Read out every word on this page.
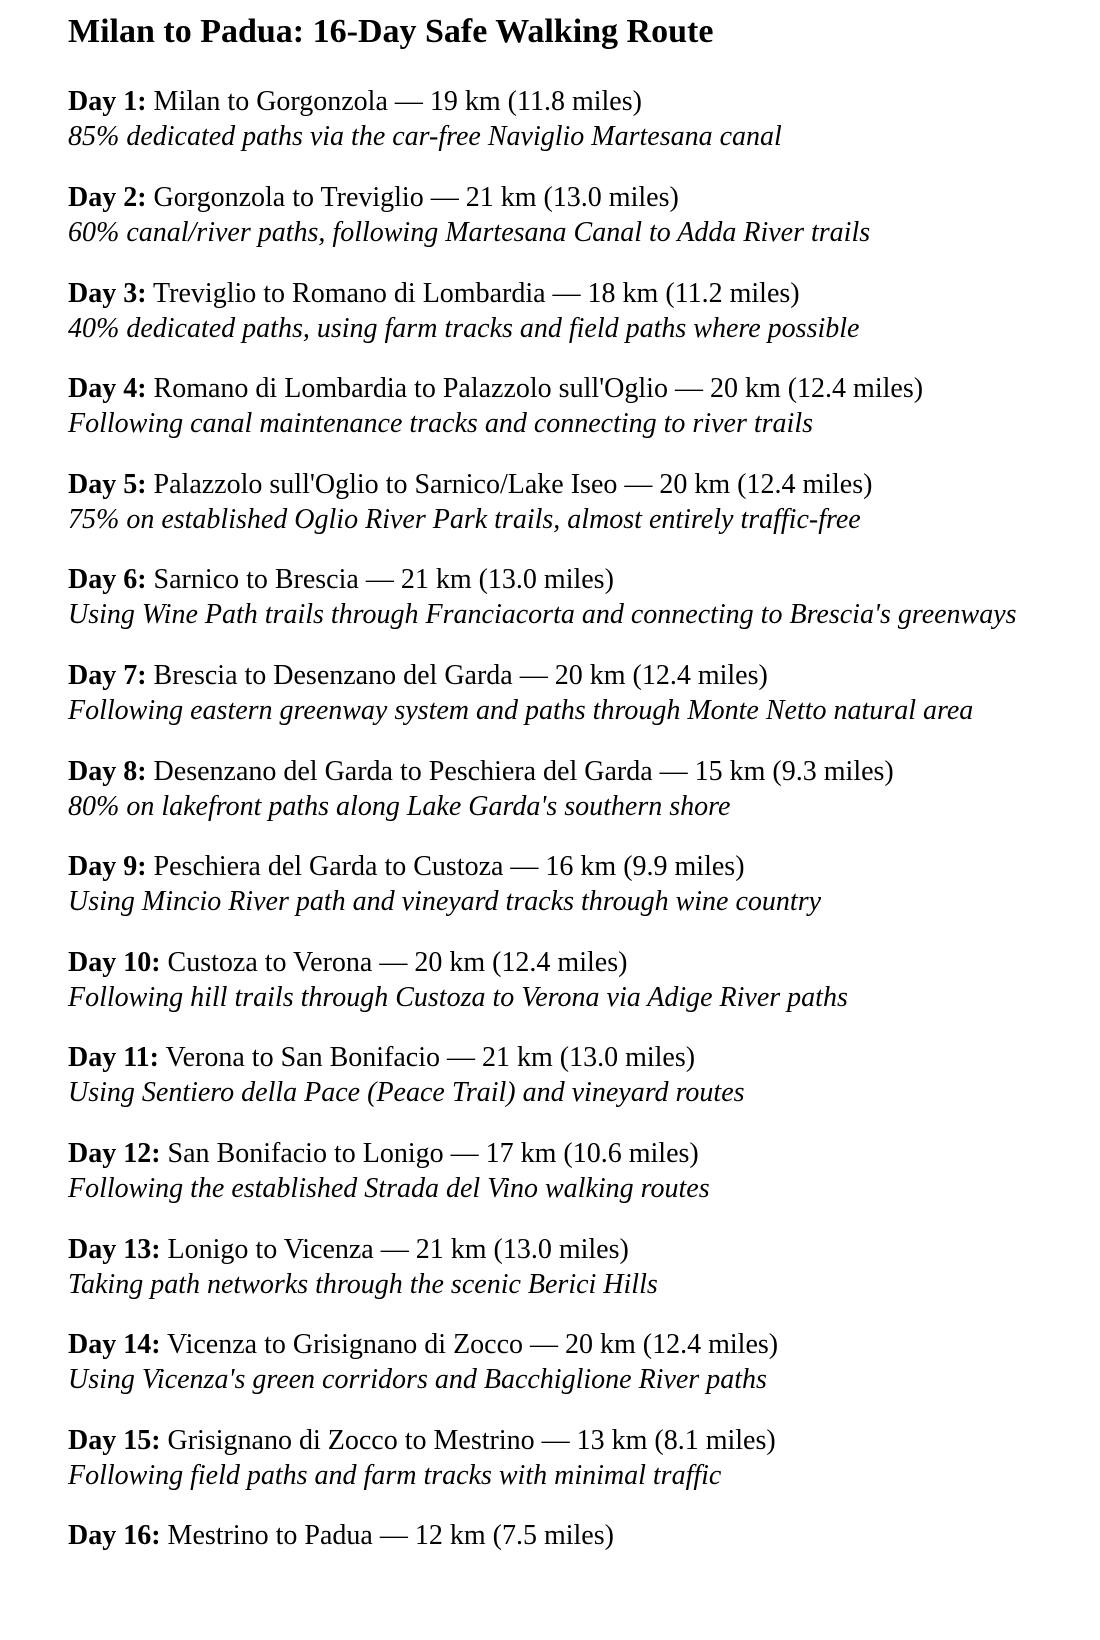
Milan to Padua: 16-Day Safe Walking Route
Day 1: Milan to Gorgonzola — 19 km (11.8 miles)
85% dedicated paths via the car-free Naviglio Martesana canal
Day 2: Gorgonzola to Treviglio — 21 km (13.0 miles)
60% canal/river paths, following Martesana Canal to Adda River trails
Day 3: Treviglio to Romano di Lombardia — 18 km (11.2 miles)
40% dedicated paths, using farm tracks and field paths where possible
Day 4: Romano di Lombardia to Palazzolo sull'Oglio — 20 km (12.4 miles)
Following canal maintenance tracks and connecting to river trails
Day 5: Palazzolo sull'Oglio to Sarnico/Lake Iseo — 20 km (12.4 miles)
75% on established Oglio River Park trails, almost entirely traffic-free
Day 6: Sarnico to Brescia — 21 km (13.0 miles)
Using Wine Path trails through Franciacorta and connecting to Brescia's greenways
Day 7: Brescia to Desenzano del Garda — 20 km (12.4 miles)
Following eastern greenway system and paths through Monte Netto natural area
Day 8: Desenzano del Garda to Peschiera del Garda — 15 km (9.3 miles)
80% on lakefront paths along Lake Garda's southern shore
Day 9: Peschiera del Garda to Custoza — 16 km (9.9 miles)
Using Mincio River path and vineyard tracks through wine country
Day 10: Custoza to Verona — 20 km (12.4 miles)
Following hill trails through Custoza to Verona via Adige River paths
Day 11: Verona to San Bonifacio — 21 km (13.0 miles)
Using Sentiero della Pace (Peace Trail) and vineyard routes
Day 12: San Bonifacio to Lonigo — 17 km (10.6 miles)
Following the established Strada del Vino walking routes
Day 13: Lonigo to Vicenza — 21 km (13.0 miles)
Taking path networks through the scenic Berici Hills
Day 14: Vicenza to Grisignano di Zocco — 20 km (12.4 miles)
Using Vicenza's green corridors and Bacchiglione River paths
Day 15: Grisignano di Zocco to Mestrino — 13 km (8.1 miles)
Following field paths and farm tracks with minimal traffic
Day 16: Mestrino to Padua — 12 km (7.5 miles)
